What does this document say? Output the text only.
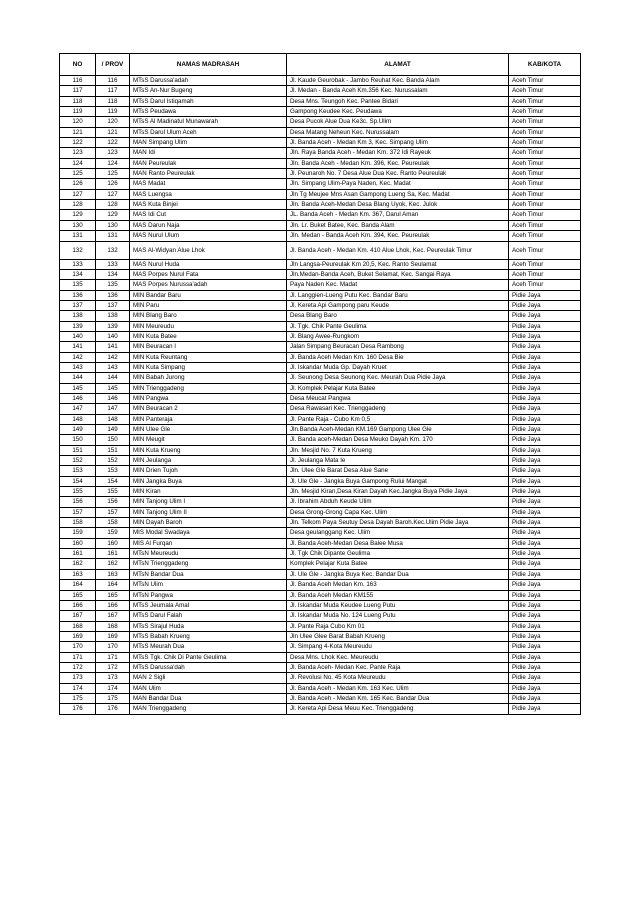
NO	/ PROV	NAMAS MADRASAH	ALAMAT	KAB/KOTA
116	116	MTsS Darussa'adah	Jl. Kaude Geurobak - Jambo Reuhat Kec. Banda Alam	Aceh Timur
117	117	MTsS An-Nur Bugeng	Jl. Medan - Banda Aceh Km.356 Kec. Nurussalam	Aceh Timur
118	118	MTsS Darul Istiqamah	Desa Mns. Teungoh Kec. Pantee Bidari	Aceh Timur
119	119	MTsS Peudawa	Gampong Keudee Kec. Peudawa	Aceh Timur
120	120	MTsS Al Madinatul Munawarah	Desa Pucok Alue Dua Ke3c. Sp.Ulim	Aceh Timur
121	121	MTsS Darul Ulum Aceh	Desa Matang Neheun Kec. Nurussalam	Aceh Timur
122	122	MAN Simpang Ulim	Jl. Banda Aceh - Medan Km 3, Kec. Simpang Ulim	Aceh Timur
123	123	MAN Idi	Jln. Raya Banda Aceh - Medan Km. 372 Idi Rayeuk	Aceh Timur
124	124	MAN Peureulak	Jln. Banda Aceh - Medan Km. 396, Kec. Peureulak	Aceh Timur
125	125	MAN Ranto Peureulak	Jl. Peunaroh No. 7 Desa Alue Dua Kec. Ranto Peureulak	Aceh Timur
126	126	MAS Madat	Jln. Simpang Ulim-Paya Naden, Kec. Madat	Aceh Timur
127	127	MAS Luengsa	Jln Tg Meujee Mns Asan Gampong Lueng Sa, Kec. Madat	Aceh Timur
128	128	MAS Kuta Binjei	Jln. Banda Aceh-Medan Desa Blang Uyok, Kec. Julok	Aceh Timur
129	129	MAS Idi Cut	JL. Banda Aceh - Medan Km. 367, Darul Aman	Aceh Timur
130	130	MAS Darun Naja	Jln. Lr. Buket Batee, Kec. Banda Alam	Aceh Timur
131	131	MAS Nurul Ulum	Jln. Medan - Banda Aceh Km. 394, Kec. Peureulak	Aceh Timur
132	132	MAS Al-Widyan Alue Lhok	Jl. Banda Aceh - Medan Km. 410 Alue Lhok, Kec. Peureulak Timur	Aceh Timur
133	133	MAS Nurul Huda	Jln Langsa-Peureulak Km 20,5, Kec. Ranto Seulamat	Aceh Timur
134	134	MAS Porpes Nurul Fata	Jln.Medan-Banda Aceh, Buket Selamat, Kec. Sangai Raya	Aceh Timur
135	135	MAS Porpes Nurussa'adah	Paya Naden Kec. Madat	Aceh Timur
136	136	MIN Bandar Baru	Jl. Langgien-Lueng Putu Kec. Bandar Baru	Pidie Jaya
137	137	MIN Paru	Jl. Kereta Api Gampong paru Keude	Pidie Jaya
138	138	MIN Blang Baro	Desa Blang Baro	Pidie Jaya
139	139	MIN Meureudu	Jl. Tgk. Chik Pante Geulima	Pidie Jaya
140	140	MIN Kuta Batee	Jl. Blang Awee-Rungkom	Pidie Jaya
141	141	MIN Beuracan I	Jalan Simpang Beuracan Desa Rambong	Pidie Jaya
142	142	MIN Kuta Reuntang	Jl. Banda Aceh Medan Km. 160 Desa Bie	Pidie Jaya
143	143	MIN Kuta Simpang	Jl. Iskandar Muda Gp. Dayah Kruet	Pidie Jaya
144	144	MIN Babah Jurong	Jl. Seunong Desa Seunong Kec. Meurah Dua Pidie Jaya	Pidie Jaya
145	145	MIN Trienggadeng	Jl. Komplek Pelajar Kuta Batee	Pidie Jaya
146	146	MIN Pangwa	Desa Meucat Pangwa	Pidie Jaya
147	147	MIN Beuracan 2	Desa Rawasari Kec. Trienggadeng	Pidie Jaya
148	148	MIN Panteraja	Jl. Pante Raja - Cubo Km 0,5	Pidie Jaya
149	149	MIN Ulee Gle	Jln.Banda Aceh-Medan KM.169 Gampong Ulee Gle	Pidie Jaya
150	150	MIN Meugit	Jl. Banda aceh-Medan Desa Meuko Dayah Km. 170	Pidie Jaya
151	151	MIN Kuta Krueng	Jln. Mesjid No. 7 Kuta Krueng	Pidie Jaya
152	152	MIN Jeulanga	Jl. Jeulanga Mata Ie	Pidie Jaya
153	153	MIN Drien Tujoh	Jln. Ulee Gle Barat Desa Alue Sane	Pidie Jaya
154	154	MIN Jangka Buya	Jl. Ule Gle - Jangka Buya Gampong Rului Mangat	Pidie Jaya
155	155	MIN Kiran	Jln. Mesjid Kiran,Desa Kiran Dayah Kec.Jangka Buya Pidie Jaya	Pidie Jaya
156	156	MIN Tanjong Ulim I	Jl. Ibrahim Abduh Keude Ulim	Pidie Jaya
157	157	MIN Tanjong Ulim II	Desa Grong-Grong Capa Kec. Ulim	Pidie Jaya
158	158	MIN Dayah Baroh	Jln. Telkom Paya Seutuy Desa Dayah Baroh.Kec.Ulim Pidie Jaya	Pidie Jaya
159	159	MIS Modal Swadaya	Desa geulanggang Kec. Ulim	Pidie Jaya
160	160	MIS Al Furqan	Jl. Banda Aceh-Medan Desa Balee Musa	Pidie Jaya
161	161	MTsN Meureudu	Jl. Tgk Chik Dipante Geulima	Pidie Jaya
162	162	MTsN Trienggadeng	Komplek Pelajar Kuta Batee	Pidie Jaya
163	163	MTsN Bandar Dua	Jl. Ule Gle - Jangka Buya Kec. Bandar Dua	Pidie Jaya
164	164	MTsN Ulim	Jl. Banda Aceh Medan Km. 163	Pidie Jaya
165	165	MTsN Pangwa	Jl. Banda Aceh Medan KM155	Pidie Jaya
166	166	MTsS Jeumala Amal	Jl. Iskandar Muda Keudee Lueng Putu	Pidie Jaya
167	167	MTsS Darul Falah	Jl. Iskandar Muda No. 124 Lueng Putu	Pidie Jaya
168	168	MTsS Sirajul Huda	Jl. Pante Raja Cubo Km 01	Pidie Jaya
169	169	MTsS Babah Krueng	Jln Ulee Glee Barat Babah Krueng	Pidie Jaya
170	170	MTsS Meurah Dua	Jl. Simpang 4-Kota Meureudu	Pidie Jaya
171	171	MTsS Tgk. Chik Di Pante Geulima	Desa Mns. Lhok Kec. Meureudu	Pidie Jaya
172	172	MTsS Darussa'dah	Jl. Banda Aceh- Medan Kec. Pante Raja	Pidie Jaya
173	173	MAN 2 Sigli	Jl. Revolusi No. 45 Kota Meureudu	Pidie Jaya
174	174	MAN Ulim	Jl. Banda Aceh - Medan Km. 163 Kec. Ulim	Pidie Jaya
175	175	MAN Bandar Dua	Jl. Banda Aceh - Medan Km. 165 Kec. Bandar Dua	Pidie Jaya
176	176	MAN Trienggadeng	Jl. Kereta Api Desa Meuu Kec. Trienggadeng	Pidie Jaya
